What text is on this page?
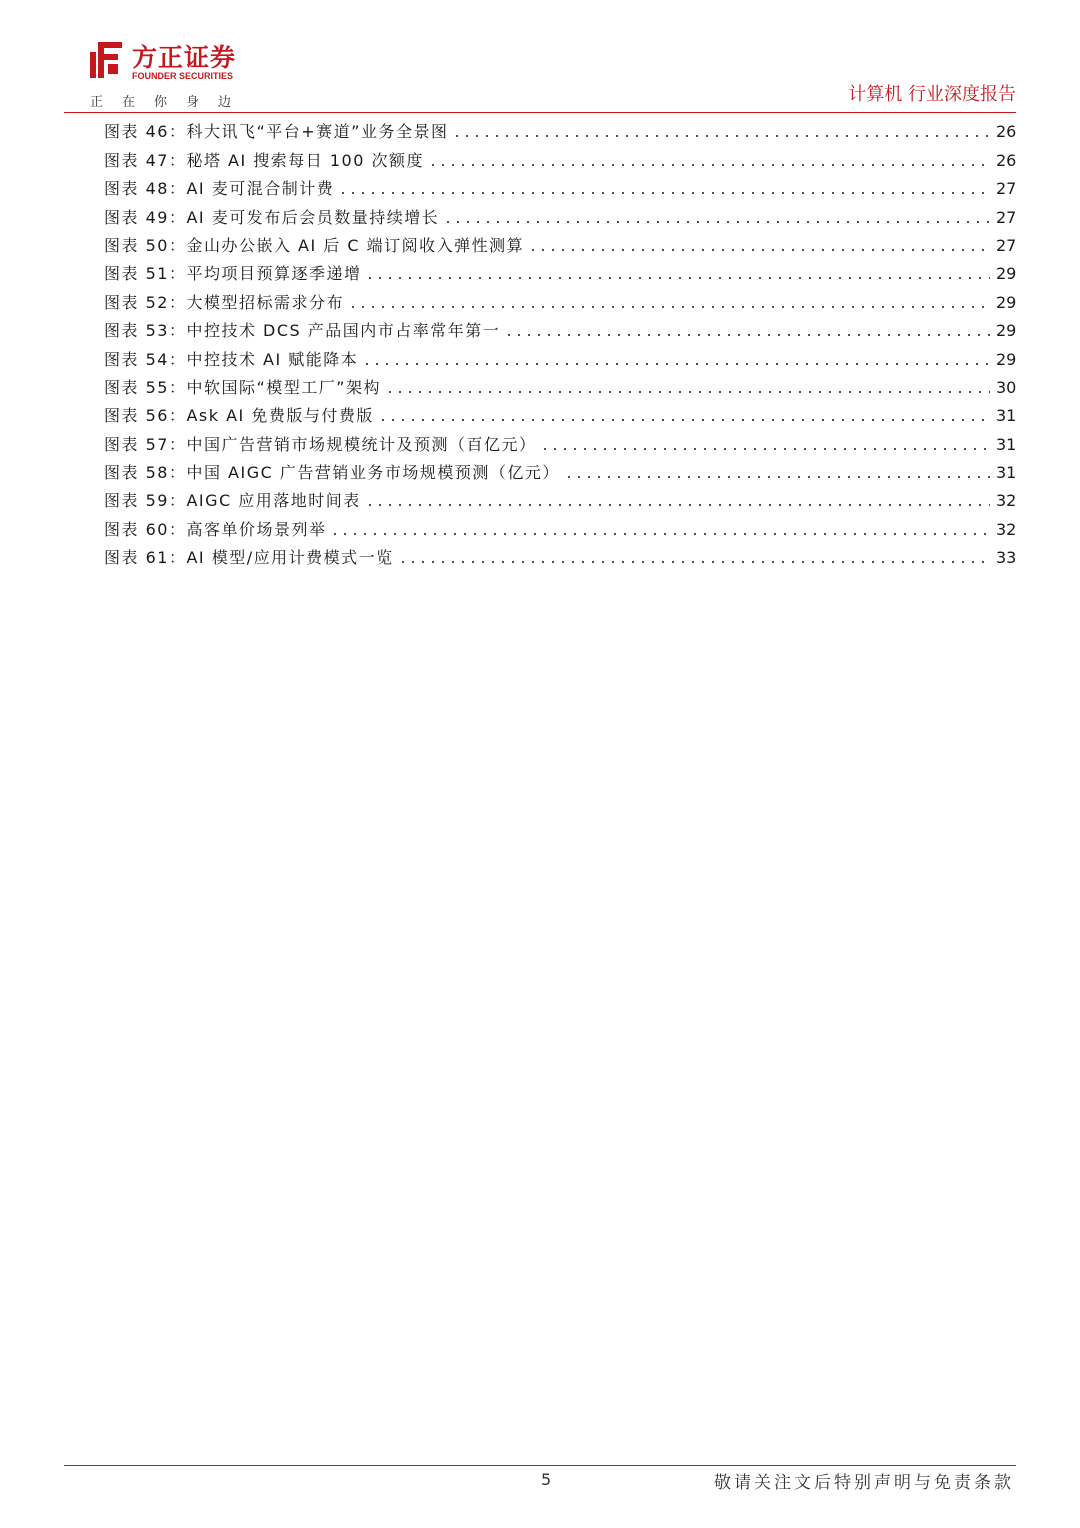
方正证券
FOUNDER SECURITIES
正在你身边	计算机 行业深度报告
图表 46：科大讯飞“平台+赛道”业务全景图	26
图表 47：秘塔 AI 搜索每日 100 次额度	26
图表 48：AI 麦可混合制计费	27
图表 49：AI 麦可发布后会员数量持续增长	27
图表 50：金山办公嵌入 AI 后 C 端订阅收入弹性测算	27
图表 51：平均项目预算逐季递增	29
图表 52：大模型招标需求分布	29
图表 53：中控技术 DCS 产品国内市占率常年第一	29
图表 54：中控技术 AI 赋能降本	29
图表 55：中软国际“模型工厂”架构	30
图表 56：Ask AI 免费版与付费版	31
图表 57：中国广告营销市场规模统计及预测（百亿元）	31
图表 58：中国 AIGC 广告营销业务市场规模预测（亿元）	31
图表 59：AIGC 应用落地时间表	32
图表 60：高客单价场景列举	32
图表 61：AI 模型/应用计费模式一览	33
5	敬请关注文后特别声明与免责条款
